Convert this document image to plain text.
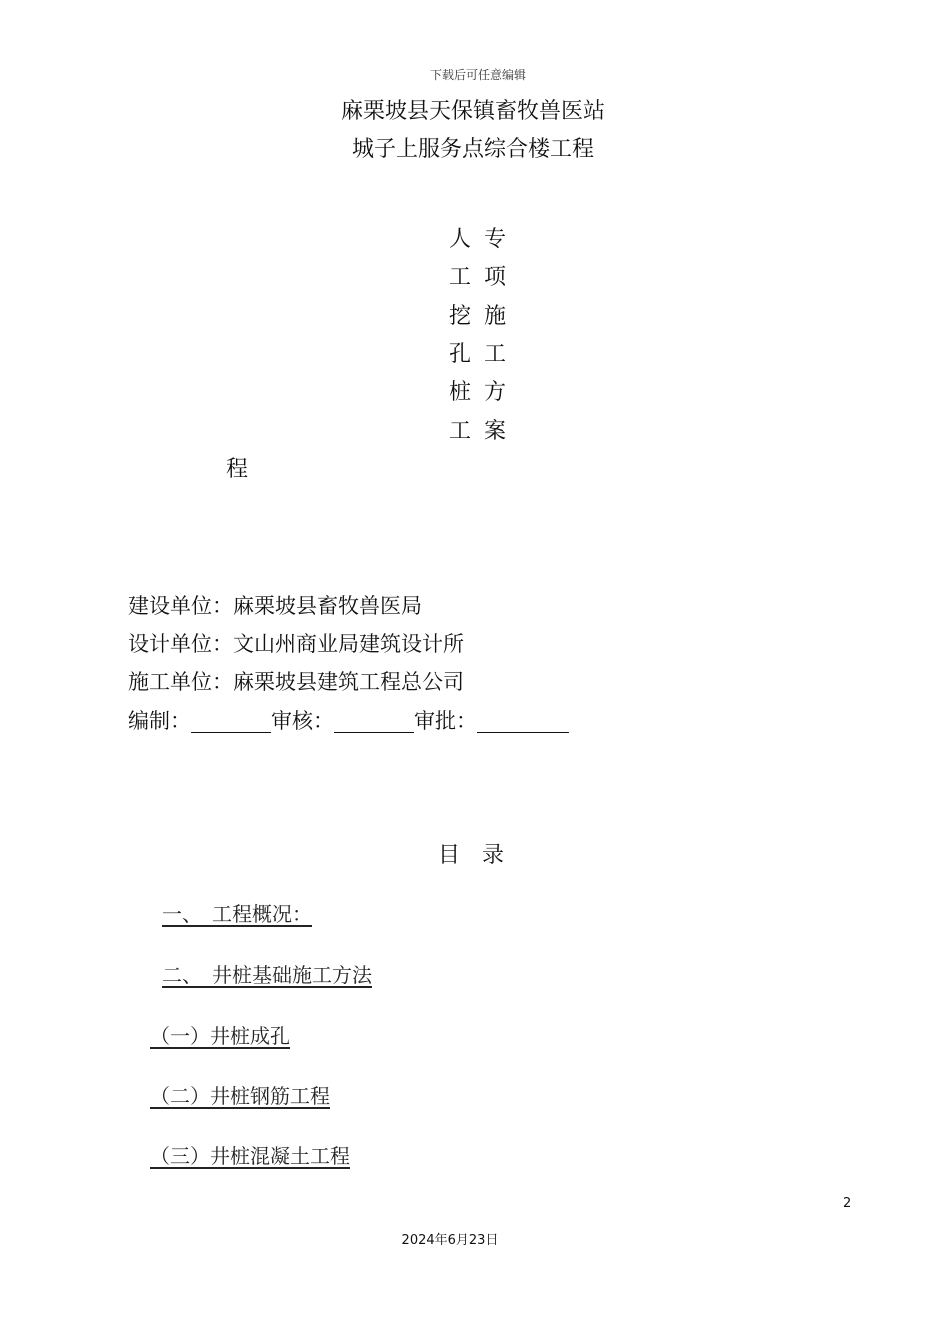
下载后可任意编辑
麻栗坡县天保镇畜牧兽医站
城子上服务点综合楼工程
人
工
挖
孔
桩
工
专
项
施
工
方
案
程
建设单位：麻栗坡县畜牧兽医局
设计单位：文山州商业局建筑设计所
施工单位：麻栗坡县建筑工程总公司
编制：	审核：	审批：
目　录
一、　工程概况：
二、　井桩基础施工方法
（一）井桩成孔
（二）井桩钢筋工程
（三）井桩混凝土工程
2
2024年6月23日
